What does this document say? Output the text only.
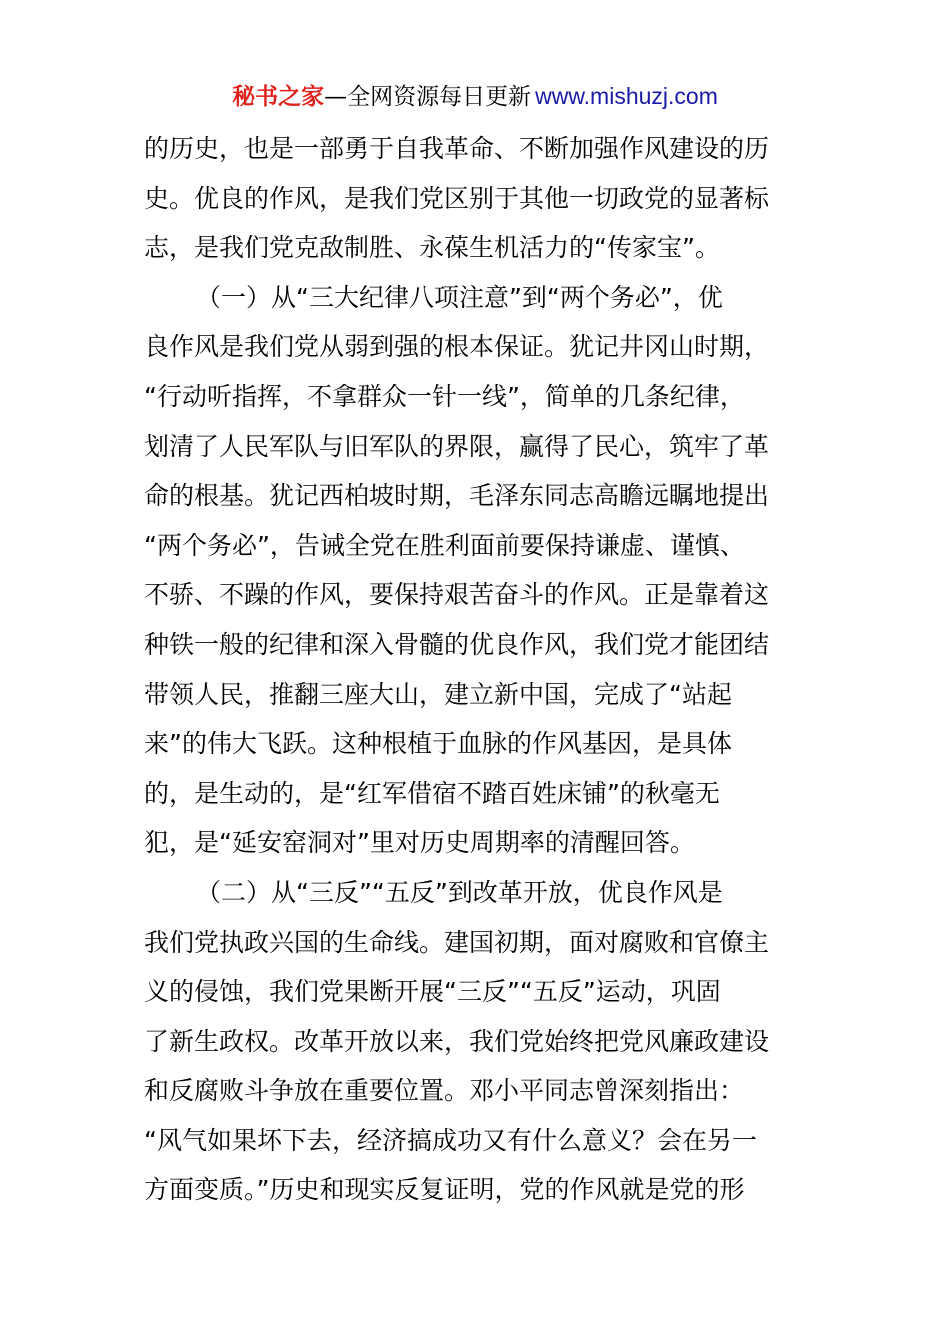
秘书之家—全网资源每日更新 www.mishuzj.com
的历史，也是一部勇于自我革命、不断加强作风建设的历
史。优良的作风，是我们党区别于其他一切政党的显著标
志，是我们党克敌制胜、永葆生机活力的“传家宝”。
（一）从“三大纪律八项注意”到“两个务必”，优
良作风是我们党从弱到强的根本保证。犹记井冈山时期，
“行动听指挥，不拿群众一针一线”，简单的几条纪律，
划清了人民军队与旧军队的界限，赢得了民心，筑牢了革
命的根基。犹记西柏坡时期，毛泽东同志高瞻远瞩地提出
“两个务必”，告诫全党在胜利面前要保持谦虚、谨慎、
不骄、不躁的作风，要保持艰苦奋斗的作风。正是靠着这
种铁一般的纪律和深入骨髓的优良作风，我们党才能团结
带领人民，推翻三座大山，建立新中国，完成了“站起
来”的伟大飞跃。这种根植于血脉的作风基因，是具体
的，是生动的，是“红军借宿不踏百姓床铺”的秋毫无
犯，是“延安窑洞对”里对历史周期率的清醒回答。
（二）从“三反”“五反”到改革开放，优良作风是
我们党执政兴国的生命线。建国初期，面对腐败和官僚主
义的侵蚀，我们党果断开展“三反”“五反”运动，巩固
了新生政权。改革开放以来，我们党始终把党风廉政建设
和反腐败斗争放在重要位置。邓小平同志曾深刻指出：
“风气如果坏下去，经济搞成功又有什么意义？会在另一
方面变质。”历史和现实反复证明，党的作风就是党的形
